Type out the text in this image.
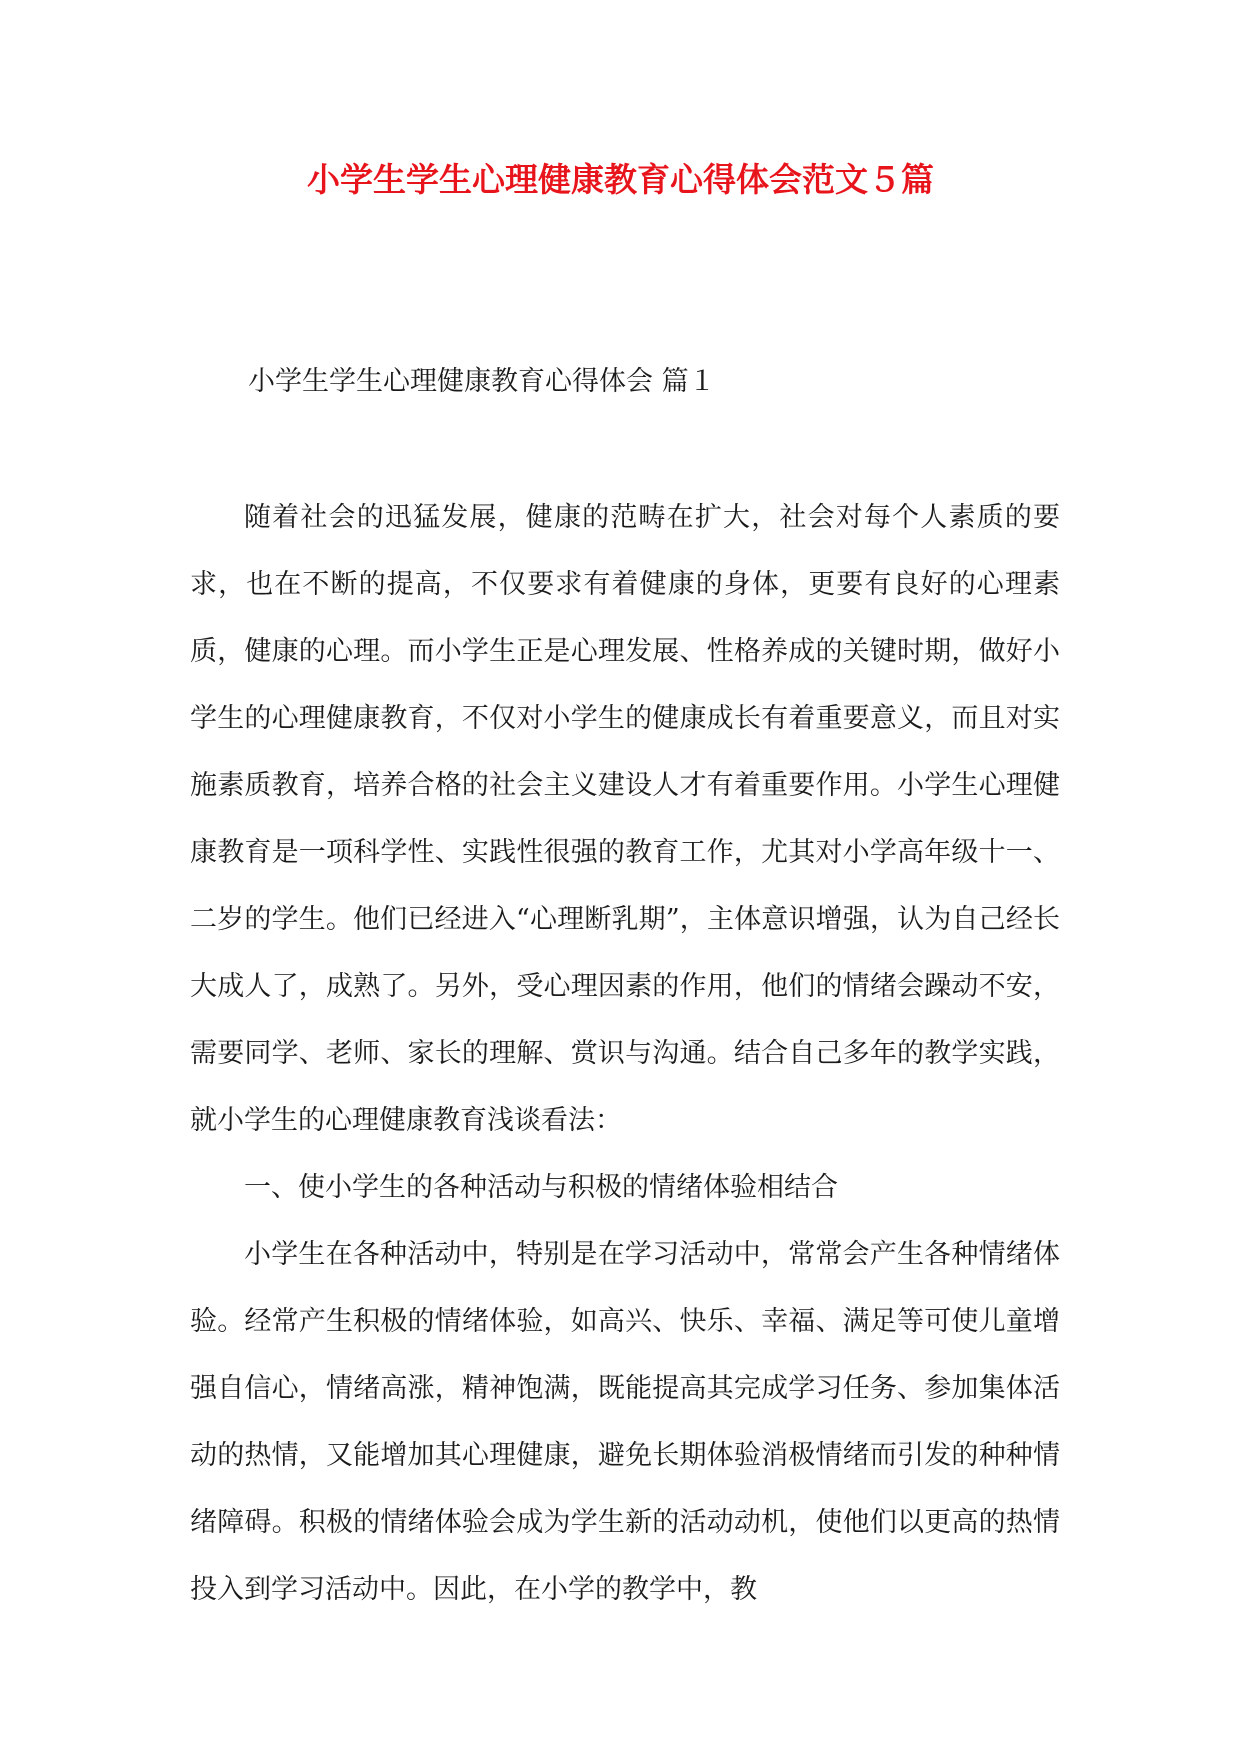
小学生学生心理健康教育心得体会范文５篇

小学生学生心理健康教育心得体会 篇１

随着社会的迅猛发展，健康的范畴在扩大，社会对每个人素质的要求，也在不断的提高，不仅要求有着健康的身体，更要有良好的心理素质，健康的心理。而小学生正是心理发展、性格养成的关键时期，做好小学生的心理健康教育，不仅对小学生的健康成长有着重要意义，而且对实施素质教育，培养合格的社会主义建设人才有着重要作用。小学生心理健康教育是一项科学性、实践性很强的教育工作，尤其对小学高年级十一、二岁的学生。他们已经进入“心理断乳期”，主体意识增强，认为自己经长大成人了，成熟了。另外，受心理因素的作用，他们的情绪会躁动不安，需要同学、老师、家长的理解、赏识与沟通。结合自己多年的教学实践，就小学生的心理健康教育浅谈看法：

一、使小学生的各种活动与积极的情绪体验相结合

小学生在各种活动中，特别是在学习活动中，常常会产生各种情绪体验。经常产生积极的情绪体验，如高兴、快乐、幸福、满足等可使儿童增强自信心，情绪高涨，精神饱满，既能提高其完成学习任务、参加集体活动的热情，又能增加其心理健康，避免长期体验消极情绪而引发的种种情绪障碍。积极的情绪体验会成为学生新的活动动机，使他们以更高的热情投入到学习活动中。因此，在小学的教学中，教
